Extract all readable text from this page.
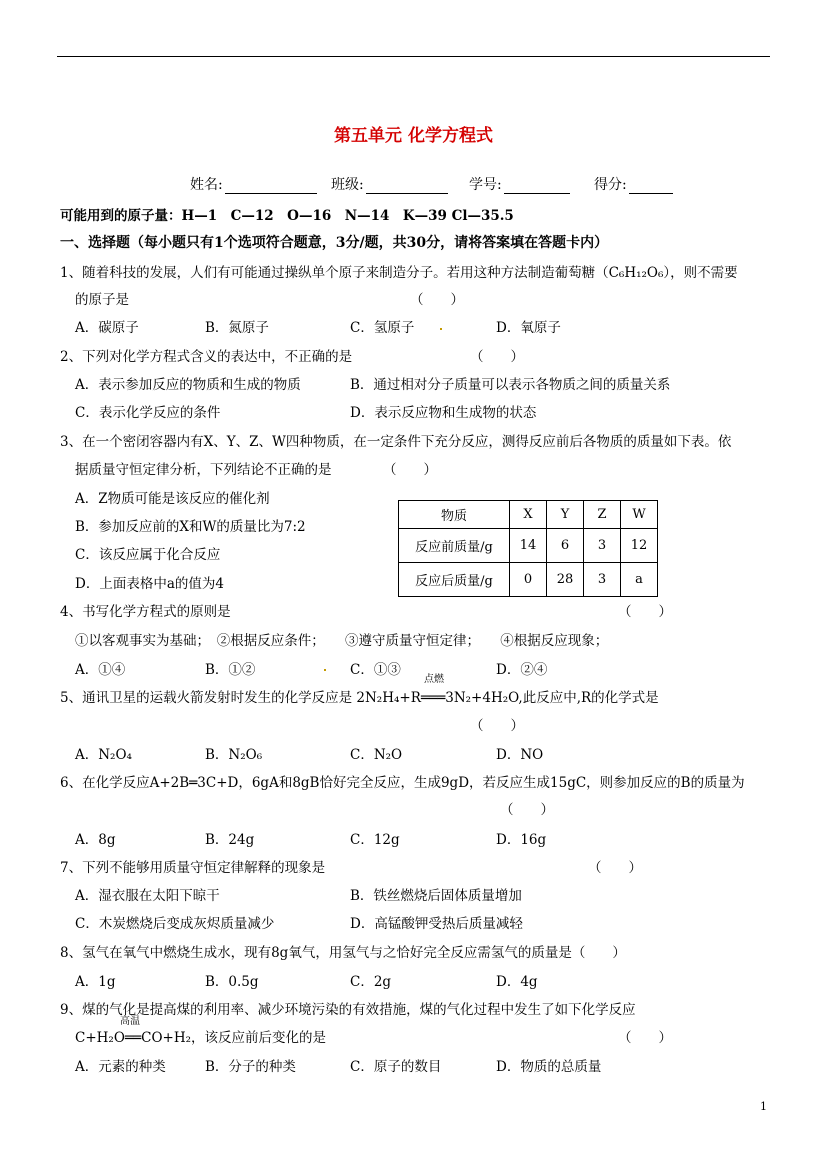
第五单元 化学方程式
姓名:	班级:	学号:	得分:
可能用到的原子量：H—1　C—12　O—16　N—14　K—39 Cl—35.5
一、选择题（每小题只有1个选项符合题意，3分/题，共30分，请将答案填在答题卡内）
1、随着科技的发展，人们有可能通过操纵单个原子来制造分子。若用这种方法制造葡萄糖（C₆H₁₂O₆），则不需要
的原子是	（　　）
A．碳原子	B．氮原子	C．氢原子	D．氧原子
2、下列对化学方程式含义的表达中，不正确的是	（　　）
A．表示参加反应的物质和生成的物质	B．通过相对分子质量可以表示各物质之间的质量关系
C．表示化学反应的条件	D．表示反应物和生成物的状态
3、在一个密闭容器内有X、Y、Z、W四种物质，在一定条件下充分反应，测得反应前后各物质的质量如下表。依
据质量守恒定律分析，下列结论不正确的是	（　　）
A．Z物质可能是该反应的催化剂
B．参加反应前的X和W的质量比为7:2
C．该反应属于化合反应
D．上面表格中a的值为4
物质	X	Y	Z	W
反应前质量/g	14	6	3	12
反应后质量/g	0	28	3	a
4、书写化学方程式的原则是	（　　）
①以客观事实为基础；　②根据反应条件；　　③遵守质量守恒定律；　　④根据反应现象；
A．①④	B．①②	C．①③	D．②④
点燃
5、通讯卫星的运载火箭发射时发生的化学反应是 2N₂H₄+R═══3N₂+4H₂O,此反应中,R的化学式是
（　　）
A．N₂O₄	B．N₂O₆	C．N₂O	D．NO
6、在化学反应A+2B═3C+D，6gA和8gB恰好完全反应，生成9gD，若反应生成15gC，则参加反应的B的质量为
（　　）
A．8g	B．24g	C．12g	D．16g
7、下列不能够用质量守恒定律解释的现象是	（　　）
A．湿衣服在太阳下晾干	B．铁丝燃烧后固体质量增加
C．木炭燃烧后变成灰烬质量减少	D．高锰酸钾受热后质量减轻
8、氢气在氧气中燃烧生成水，现有8g氧气，用氢气与之恰好完全反应需氢气的质量是（　　）
A．1g	B．0.5g	C．2g	D．4g
9、煤的气化是提高煤的利用率、减少环境污染的有效措施，煤的气化过程中发生了如下化学反应
高温
C+H₂O══CO+H₂，该反应前后变化的是	（　　）
A．元素的种类	B．分子的种类	C．原子的数目	D．物质的总质量
1
